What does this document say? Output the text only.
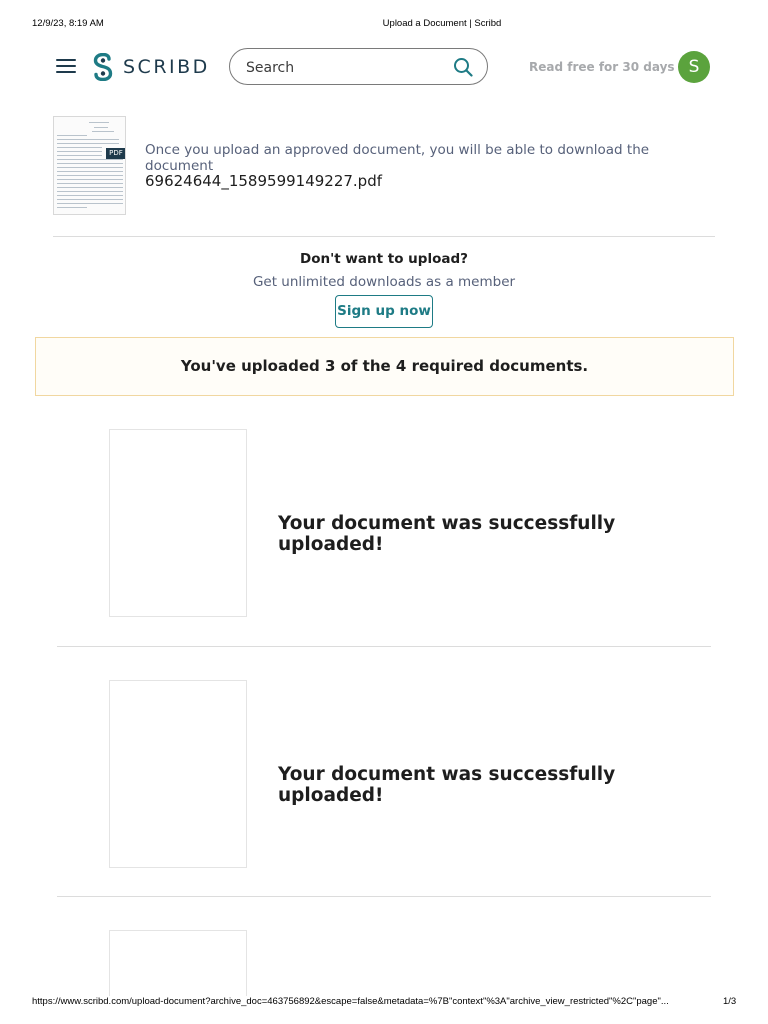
12/9/23, 8:19 AM	Upload a Document | Scribd
SCRIBD
Search	Read free for 30 days S
PDF Once you upload an approved document, you will be able to download the document
69624644_1589599149227.pdf
Don't want to upload?
Get unlimited downloads as a member
Sign up now
You've uploaded 3 of the 4 required documents.
Your document was successfully uploaded!
Your document was successfully uploaded!
https://www.scribd.com/upload-document?archive_doc=463756892&escape=false&metadata=%7B"context"%3A"archive_view_restricted"%2C"page"...	1/3
